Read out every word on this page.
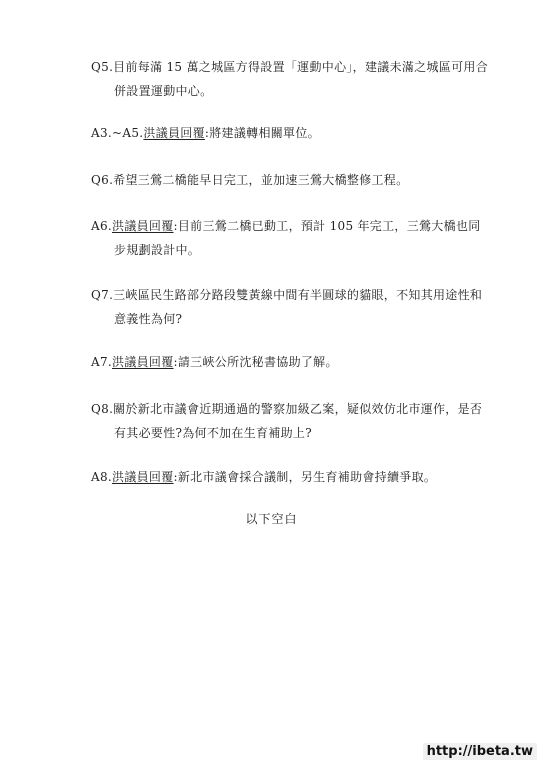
Q5.目前每滿 15 萬之城區方得設置「運動中心」，建議未滿之城區可用合
併設置運動中心。
A3.~A5.洪議員回覆:將建議轉相關單位。
Q6.希望三鶯二橋能早日完工，並加速三鶯大橋整修工程。
A6.洪議員回覆:目前三鶯二橋已動工，預計 105 年完工，三鶯大橋也同
步規劃設計中。
Q7.三峽區民生路部分路段雙黃線中間有半圓球的貓眼，不知其用途性和
意義性為何?
A7.洪議員回覆:請三峽公所沈秘書協助了解。
Q8.關於新北市議會近期通過的警察加級乙案，疑似效仿北市運作，是否
有其必要性?為何不加在生育補助上?
A8.洪議員回覆:新北市議會採合議制，另生育補助會持續爭取。
以下空白
http://ibeta.tw
